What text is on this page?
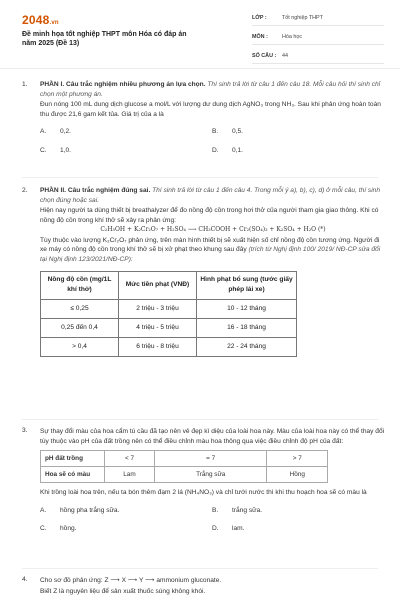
2048.vn
Đề minh họa tốt nghiệp THPT môn Hóa có đáp án năm 2025 (Đề 13)
LỚP :	Tốt nghiệp THPT
MÔN :	Hóa học
SỐ CÂU :	44
1. PHẦN I. Câu trắc nghiệm nhiều phương án lựa chọn. Thí sinh trả lời từ câu 1 đến câu 18. Mỗi câu hỏi thí sinh chỉ chọn một phương án.
Đun nóng 100 mL dung dịch glucose a mol/L với lượng dư dung dịch AgNO₃ trong NH₃. Sau khi phản ứng hoàn toàn thu được 21,6 gam kết tủa. Giá trị của a là
A. 0,2.	B. 0,5.
C. 1,0.	D. 0,1.
2. PHẦN II. Câu trắc nghiệm đúng sai. Thí sinh trả lời từ câu 1 đến câu 4. Trong mỗi ý a), b), c), d) ở mỗi câu, thí sinh chọn đúng hoặc sai.
Hiện nay người ta dùng thiết bị breathalyzer để đo nồng độ cồn trong hơi thở của người tham gia giao thông. Khi có nồng độ cồn trong khí thở sẽ xảy ra phản ứng:
C₂H₅OH + K₂Cr₂O₇ + H₂SO₄ ⟶ CH₃COOH + Cr₂(SO₄)₃ + K₂SO₄ + H₂O (*)
Tùy thuộc vào lượng K₂Cr₂O₇ phản ứng, trên màn hình thiết bị sẽ xuất hiện số chỉ nồng độ cồn tương ứng. Người đi xe máy có nồng độ cồn trong khí thở sẽ bị xử phạt theo khung sau đây (trích từ Nghị định 100/ 2019/ NĐ-CP sửa đổi tại Nghị định 123/2021/NĐ-CP):
Nồng độ cồn (mg/1L khí thở)	Mức tiền phạt (VNĐ)	Hình phạt bổ sung (tước giấy phép lái xe)
≤ 0,25	2 triệu - 3 triệu	10 - 12 tháng
0,25 đến 0,4	4 triệu - 5 triệu	16 - 18 tháng
> 0,4	6 triệu - 8 triệu	22 - 24 tháng
3. Sự thay đổi màu của hoa cẩm tú cầu đã tạo nên vẻ đẹp kì diệu của loài hoa này. Màu của loài hoa này có thể thay đổi tùy thuộc vào pH của đất trồng nên có thể điều chỉnh màu hoa thông qua việc điều chỉnh độ pH của đất:
pH đất trồng	< 7	= 7	> 7
Hoa sẽ có màu	Lam	Trắng sữa	Hồng
Khi trồng loài hoa trên, nếu ta bón thêm đạm 2 lá (NH₄NO₃) và chỉ tưới nước thì khi thu hoạch hoa sẽ có màu là
A. hồng pha trắng sữa.	B. trắng sữa.
C. hồng.	D. lam.
4. Cho sơ đồ phản ứng: Z ⟶ X ⟶ Y ⟶ ammonium gluconate.
Biết Z là nguyên liệu để sản xuất thuốc súng không khói.
